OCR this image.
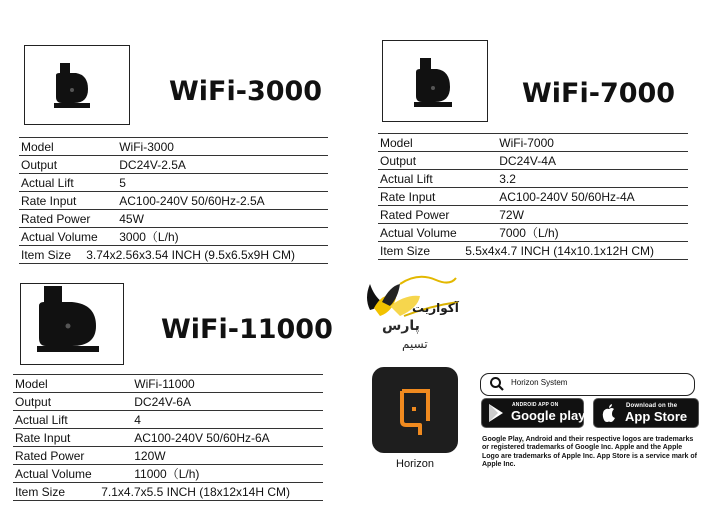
WiFi-3000
Model	WiFi-3000
Output	DC24V-2.5A
Actual Lift	5
Rate Input	AC100-240V 50/60Hz-2.5A
Rated Power	45W
Actual Volume	3000（L/h)
Item Size	3.74x2.56x3.54 INCH (9.5x6.5x9H CM)
WiFi-7000
Model	WiFi-7000
Output	DC24V-4A
Actual Lift	3.2
Rate Input	AC100-240V 50/60Hz-4A
Rated Power	72W
Actual Volume	7000（L/h)
Item Size	5.5x4x4.7 INCH (14x10.1x12H CM)
WiFi-11000
Model	WiFi-11000
Output	DC24V-6A
Actual Lift	4
Rate Input	AC100-240V 50/60Hz-6A
Rated Power	120W
Actual Volume	11000（L/h)
Item Size	7.1x4.7x5.5 INCH (18x12x14H CM)
آکواریت
پارس
تسیم
Horizon
Horizon System
ANDROID APP ON
Google play
Download on the
App Store
Google Play, Android and their respective logos are trademarks or registered trademarks of Google Inc. Apple and the Apple Logo are trademarks of Apple Inc. App Store is a service mark of Apple Inc.
